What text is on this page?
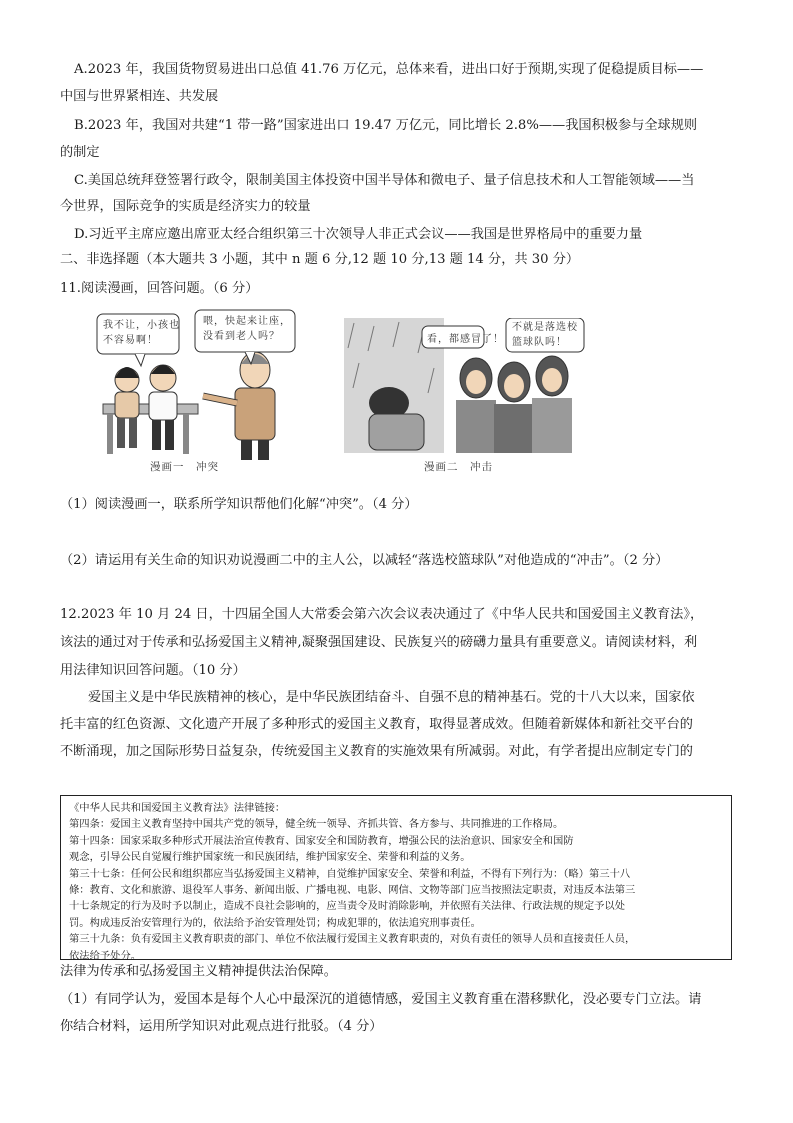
A.2023 年，我国货物贸易进出口总值 41.76 万亿元，总体来看，进出口好于预期,实现了促稳提质目标——
中国与世界紧相连、共发展
B.2023 年，我国对共建“1 带一路”国家进出口 19.47 万亿元，同比增长 2.8%——我国积极参与全球规则
的制定
C.美国总统拜登签署行政令，限制美国主体投资中国半导体和微电子、量子信息技术和人工智能领域——当
今世界，国际竞争的实质是经济实力的较量
D.习近平主席应邀出席亚太经合组织第三十次领导人非正式会议——我国是世界格局中的重要力量
二、非选择题（本大题共 3 小题，其中 n 题 6 分,12 题 10 分,13 题 14 分，共 30 分）
11.阅读漫画，回答问题。（6 分）
我不让，小孩也
不容易啊！
喂，快起来让座，
没看到老人吗？
漫画一　冲突
看，都感冒了！
不就是落选校
篮球队吗！
漫画二　冲击
（1）阅读漫画一，联系所学知识帮他们化解“冲突”。（4 分）
（2）请运用有关生命的知识劝说漫画二中的主人公，以减轻“落选校篮球队”对他造成的“冲击”。（2 分）
12.2023 年 10 月 24 日，十四届全国人大常委会第六次会议表决通过了《中华人民共和国爱国主义教育法》，
该法的通过对于传承和弘扬爱国主义精神,凝聚强国建设、民族复兴的磅礴力量具有重要意义。请阅读材料，利
用法律知识回答问题。（10 分）
爱国主义是中华民族精神的核心，是中华民族团结奋斗、自强不息的精神基石。党的十八大以来，国家依
托丰富的红色资源、文化遗产开展了多种形式的爱国主义教育，取得显著成效。但随着新媒体和新社交平台的
不断涌现，加之国际形势日益复杂，传统爱国主义教育的实施效果有所减弱。对此，有学者提出应制定专门的
《中华人民共和国爱国主义教育法》法律链接：
第四条：爱国主义教育坚持中国共产党的领导，健全统一领导、齐抓共管、各方参与、共同推进的工作格局。
第十四条：国家采取多种形式开展法治宣传教育、国家安全和国防教育，增强公民的法治意识、国家安全和国防
观念，引导公民自觉履行维护国家统一和民族团结，维护国家安全、荣誉和利益的义务。
第三十七条：任何公民和组织都应当弘扬爱国主义精神，自觉维护国家安全、荣誉和利益，不得有下列行为：（略）第三十八
條：教育、文化和旅游、退役军人事务、新闻出版、广播电视、电影、网信、文物等部门应当按照法定职责，对违反本法第三
十七条规定的行为及时予以制止，造成不良社会影响的，应当责令及时消除影响，并依照有关法律、行政法规的规定予以处
罚。构成违反治安管理行为的，依法给予治安管理处罚；构成犯罪的，依法追究刑事责任。
第三十九条：负有爱国主义教育职责的部门、单位不依法履行爱国主义教育职责的，对负有责任的领导人员和直接责任人员，
依法给予处分。
法律为传承和弘扬爱国主义精神提供法治保障。
（1）有同学认为，爱国本是每个人心中最深沉的道德情感，爱国主义教育重在潜移默化，没必要专门立法。请
你结合材料，运用所学知识对此观点进行批驳。（4 分）
